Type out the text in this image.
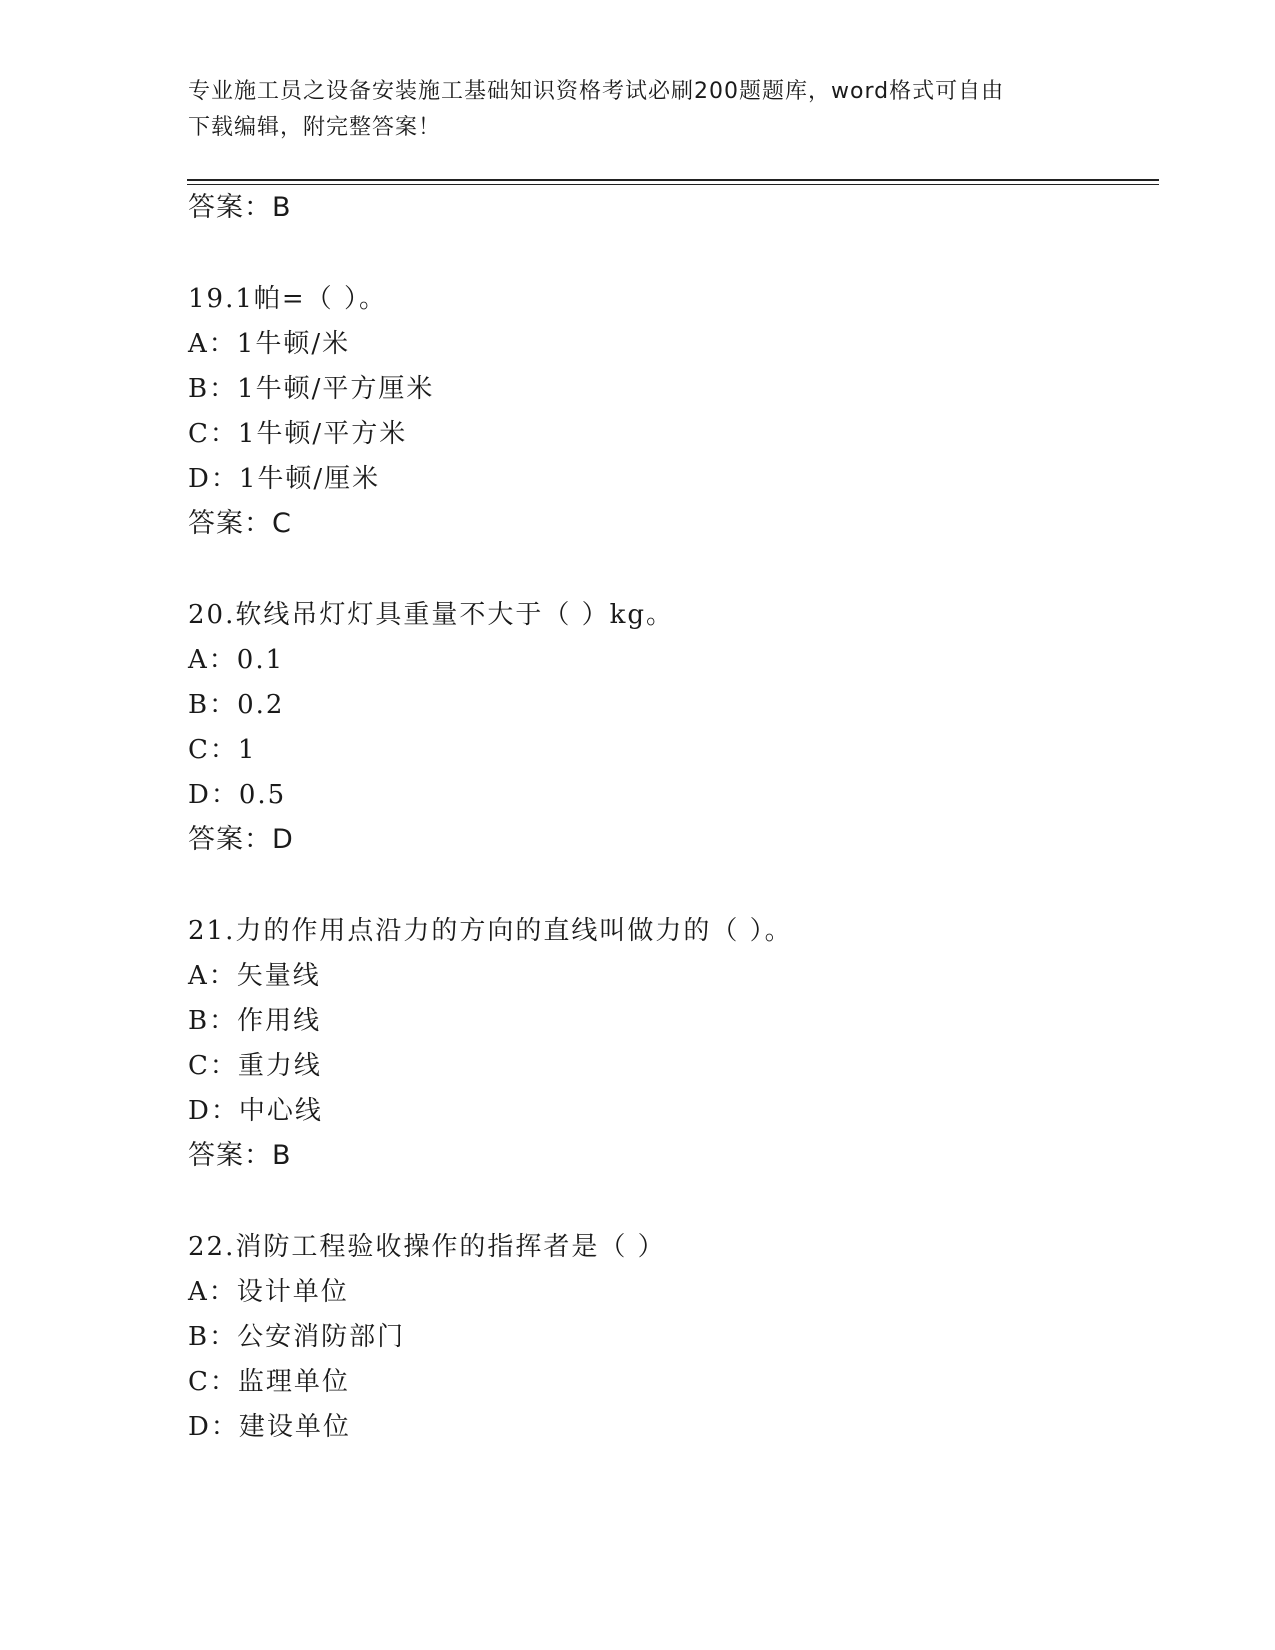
专业施工员之设备安装施工基础知识资格考试必刷200题题库，word格式可自由
下载编辑，附完整答案！

答案：B
19.1帕=（ ）。
A：1牛顿/米
B：1牛顿/平方厘米
C：1牛顿/平方米
D：1牛顿/厘米
答案：C
20.软线吊灯灯具重量不大于（ ）kg。
A：0.1
B：0.2
C：1
D：0.5
答案：D
21.力的作用点沿力的方向的直线叫做力的（ ）。
A：矢量线
B：作用线
C：重力线
D：中心线
答案：B
22.消防工程验收操作的指挥者是（ ）
A：设计单位
B：公安消防部门
C：监理单位
D：建设单位
